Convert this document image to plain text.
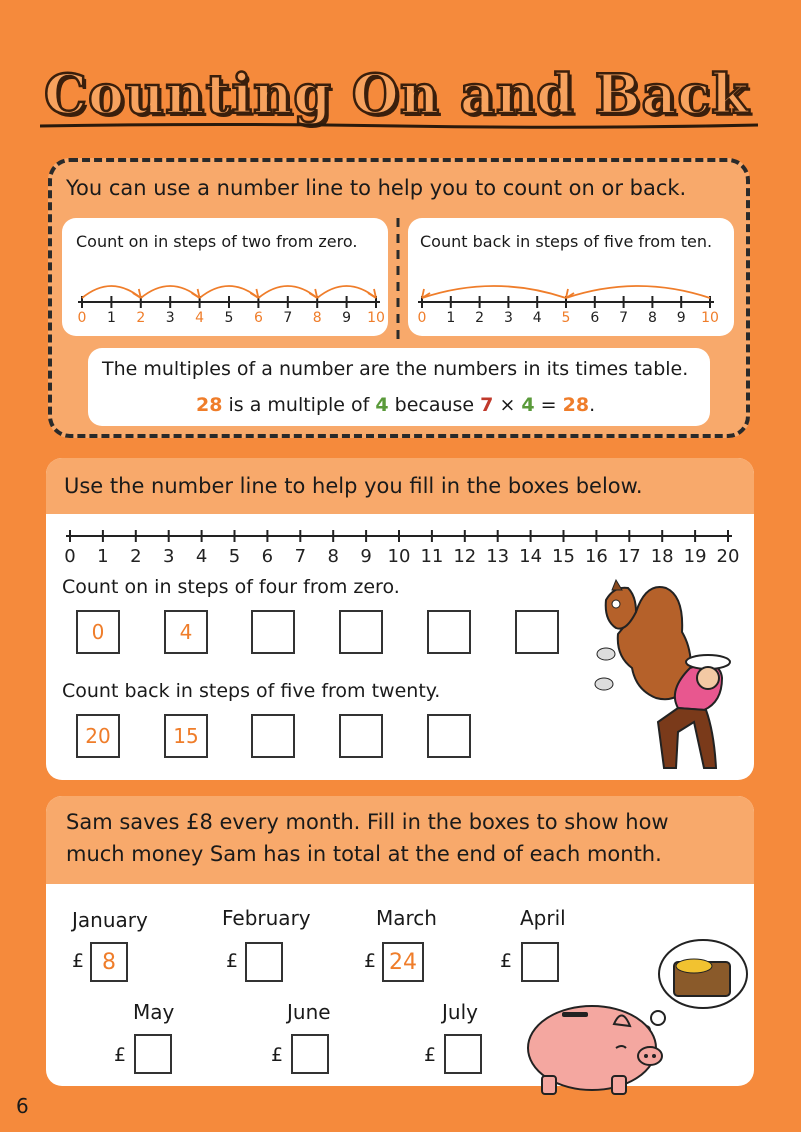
Counting On and Back
You can use a number line to help you to count on or back.
Count on in steps of two from zero.	Count back in steps of five from ten.
0 1 2 3 4 5 6 7 8 9 10 0 1 2 3 4 5 6 7 8 9 10
The multiples of a number are the numbers in its times table.
28 is a multiple of 4 because 7 × 4 = 28.
Use the number line to help you fill in the boxes below.
0 1 2 3 4 5 6 7 8 9 10 11 12 13 14 15 16 17 18 19 20
Count on in steps of four from zero.
0	4
Count back in steps of five from twenty.
20	15
Sam saves £8 every month. Fill in the boxes to show how
much money Sam has in total at the end of each month.
January
£ 8
February
£
March
£ 24
April
£
May
£
June
£
July
£
6
